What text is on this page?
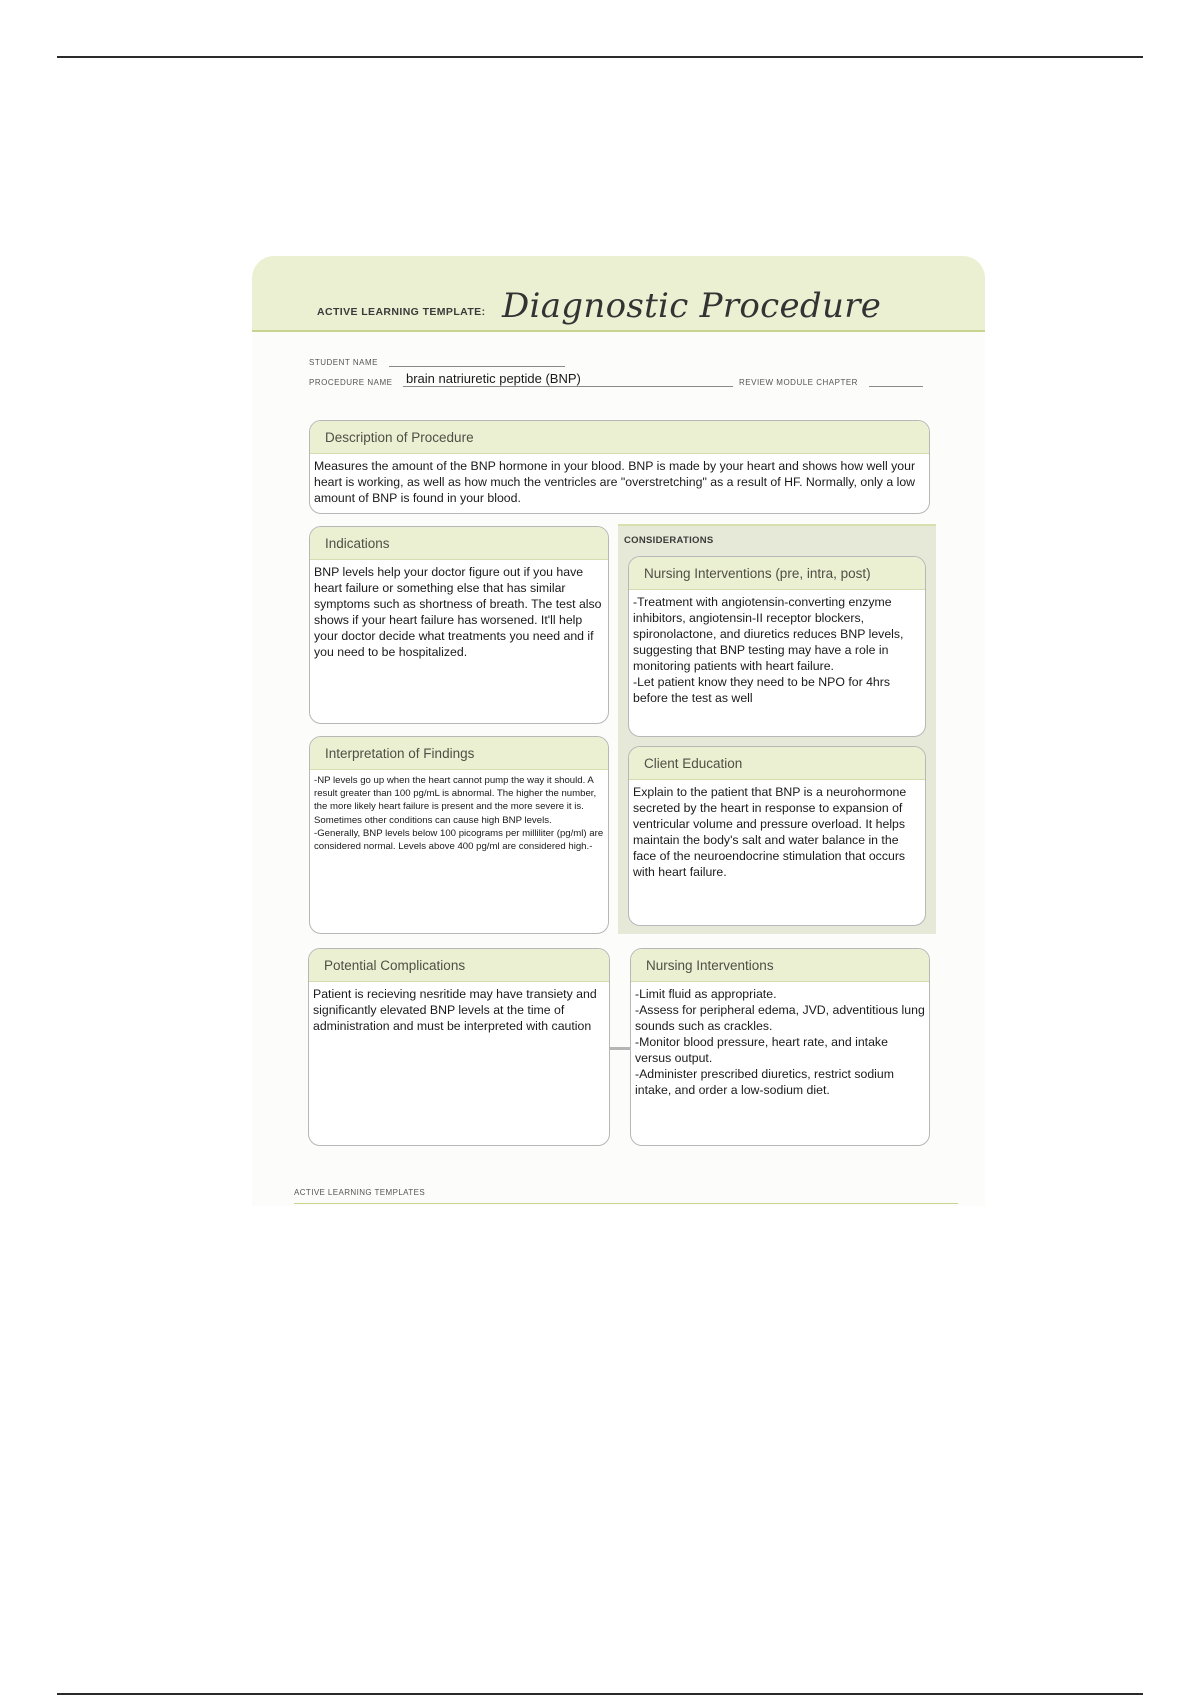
ACTIVE LEARNING TEMPLATE: Diagnostic Procedure
STUDENT NAME
PROCEDURE NAME brain natriuretic peptide (BNP)	REVIEW MODULE CHAPTER
Description of Procedure
Measures the amount of the BNP hormone in your blood. BNP is made by your heart and shows how well your heart is working, as well as how much the ventricles are "overstretching" as a result of HF. Normally, only a low amount of BNP is found in your blood.
Indications
BNP levels help your doctor figure out if you have heart failure or something else that has similar symptoms such as shortness of breath. The test also shows if your heart failure has worsened. It'll help your doctor decide what treatments you need and if you need to be hospitalized.
Interpretation of Findings
-NP levels go up when the heart cannot pump the way it should. A result greater than 100 pg/mL is abnormal. The higher the number, the more likely heart failure is present and the more severe it is. Sometimes other conditions can cause high BNP levels.
-Generally, BNP levels below 100 picograms per milliliter (pg/ml) are considered normal. Levels above 400 pg/ml are considered high.-
CONSIDERATIONS
Nursing Interventions (pre, intra, post)
-Treatment with angiotensin-converting enzyme inhibitors, angiotensin-II receptor blockers, spironolactone, and diuretics reduces BNP levels, suggesting that BNP testing may have a role in monitoring patients with heart failure.
-Let patient know they need to be NPO for 4hrs before the test as well
Client Education
Explain to the patient that BNP is a neurohormone secreted by the heart in response to expansion of ventricular volume and pressure overload. It helps maintain the body's salt and water balance in the face of the neuroendocrine stimulation that occurs with heart failure.
Potential Complications
Patient is recieving nesritide may have transiety and significantly elevated BNP levels at the time of administration and must be interpreted with caution
Nursing Interventions
-Limit fluid as appropriate.
-Assess for peripheral edema, JVD, adventitious lung sounds such as crackles.
-Monitor blood pressure, heart rate, and intake versus output.
-Administer prescribed diuretics, restrict sodium intake, and order a low-sodium diet.
ACTIVE LEARNING TEMPLATES
